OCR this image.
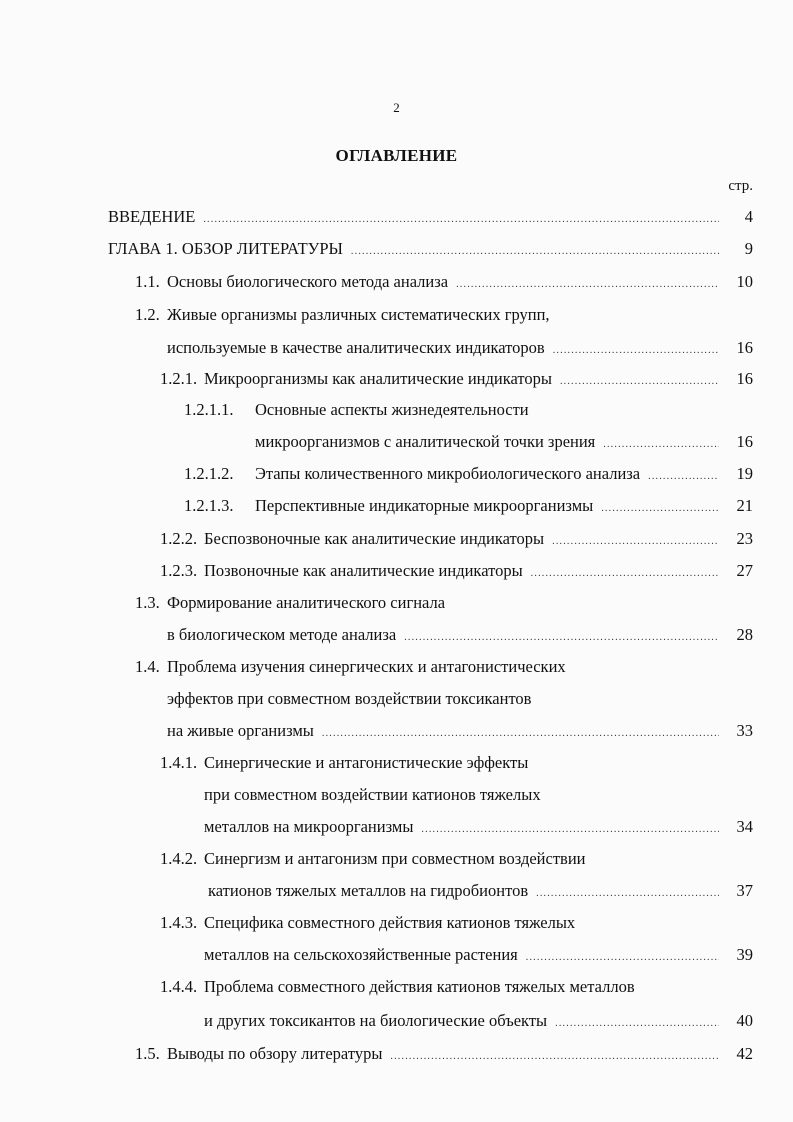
2
ОГЛАВЛЕНИЕ
стр.
ВВЕДЕНИЕ .....	4
ГЛАВА 1. ОБЗОР ЛИТЕРАТУРЫ .....	9
1.1. Основы биологического метода анализа .....	10
1.2. Живые организмы различных систематических групп,
используемые в качестве аналитических индикаторов .....	16
1.2.1. Микроорганизмы как аналитические индикаторы .....	16
1.2.1.1.	Основные аспекты жизнедеятельности
микроорганизмов с аналитической точки зрения .....	16
1.2.1.2.	Этапы количественного микробиологического анализа .....	19
1.2.1.3.	Перспективные индикаторные микроорганизмы .....	21
1.2.2. Беспозвоночные как аналитические индикаторы .....	23
1.2.3. Позвоночные как аналитические индикаторы .....	27
1.3. Формирование аналитического сигнала
в биологическом методе анализа .....	28
1.4. Проблема изучения синергических и антагонистических
эффектов при совместном воздействии токсикантов
на живые организмы .....	33
1.4.1. Синергические и антагонистические эффекты
при совместном воздействии катионов тяжелых
металлов на микроорганизмы .....	34
1.4.2. Синергизм и антагонизм при совместном воздействии
катионов тяжелых металлов на гидробионтов .....	37
1.4.3. Специфика совместного действия катионов тяжелых
металлов на сельскохозяйственные растения .....	39
1.4.4. Проблема совместного действия катионов тяжелых металлов
и других токсикантов на биологические объекты .....	40
1.5. Выводы по обзору литературы .....	42
